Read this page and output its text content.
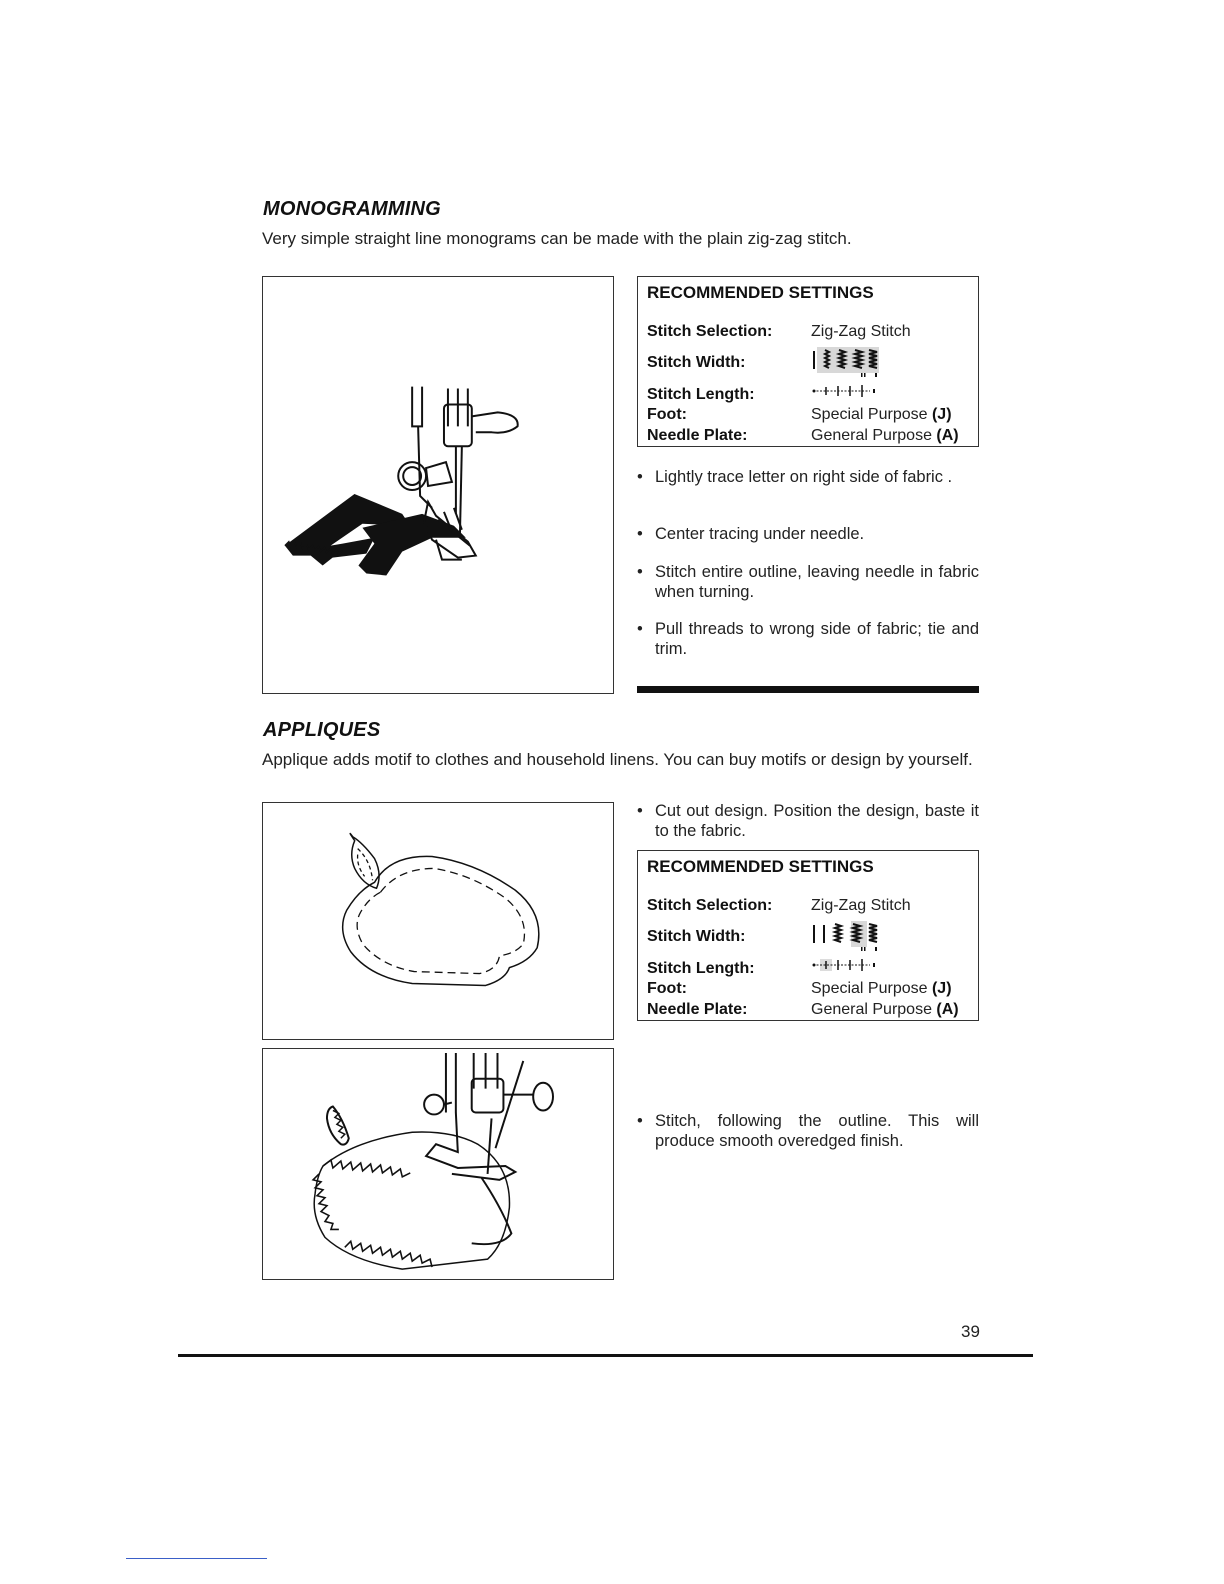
MONOGRAMMING
Very simple straight line monograms can be made with the plain zig-zag stitch.
RECOMMENDED SETTINGS
Stitch Selection: Zig-Zag Stitch
Stitch Width:
Stitch Length:
Foot:	Special Purpose (J)
Needle Plate:	General Purpose (A)
• Lightly trace letter on right side of fabric .
• Center tracing under needle.
• Stitch entire outline, leaving needle in fabric when turning.
• Pull threads to wrong side of fabric; tie and trim.
APPLIQUES
Applique adds motif to clothes and household linens. You can buy motifs or design by yourself.
• Cut out design. Position the design, baste it to the fabric.
RECOMMENDED SETTINGS
Stitch Selection: Zig-Zag Stitch
Stitch Width:
Stitch Length:
Foot:	Special Purpose (J)
Needle Plate:	General Purpose (A)
• Stitch, following the outline. This will produce smooth overedged finish.
39
